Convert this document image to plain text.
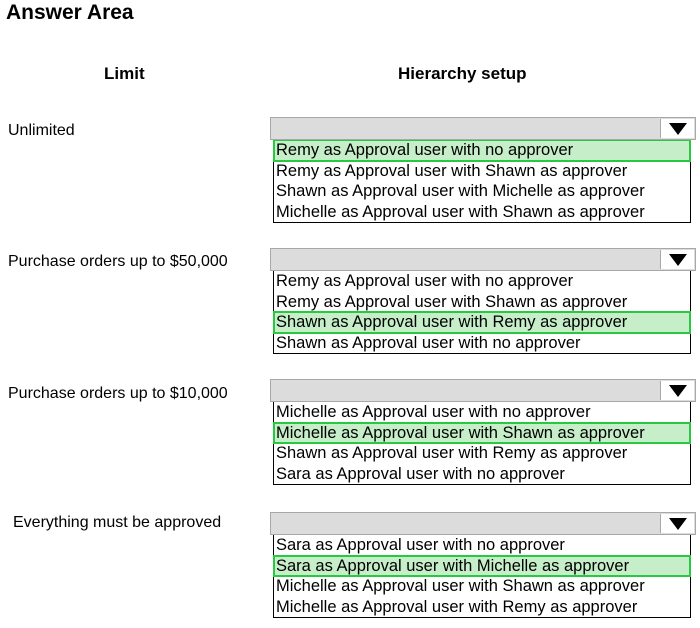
Answer Area
Limit	Hierarchy setup
Unlimited
Remy as Approval user with no approver
Remy as Approval user with Shawn as approver
Shawn as Approval user with Michelle as approver
Michelle as Approval user with Shawn as approver
Purchase orders up to $50,000
Remy as Approval user with no approver
Remy as Approval user with Shawn as approver
Shawn as Approval user with Remy as approver
Shawn as Approval user with no approver
Purchase orders up to $10,000
Michelle as Approval user with no approver
Michelle as Approval user with Shawn as approver
Shawn as Approval user with Remy as approver
Sara as Approval user with no approver
Everything must be approved
Sara as Approval user with no approver
Sara as Approval user with Michelle as approver
Michelle as Approval user with Shawn as approver
Michelle as Approval user with Remy as approver
